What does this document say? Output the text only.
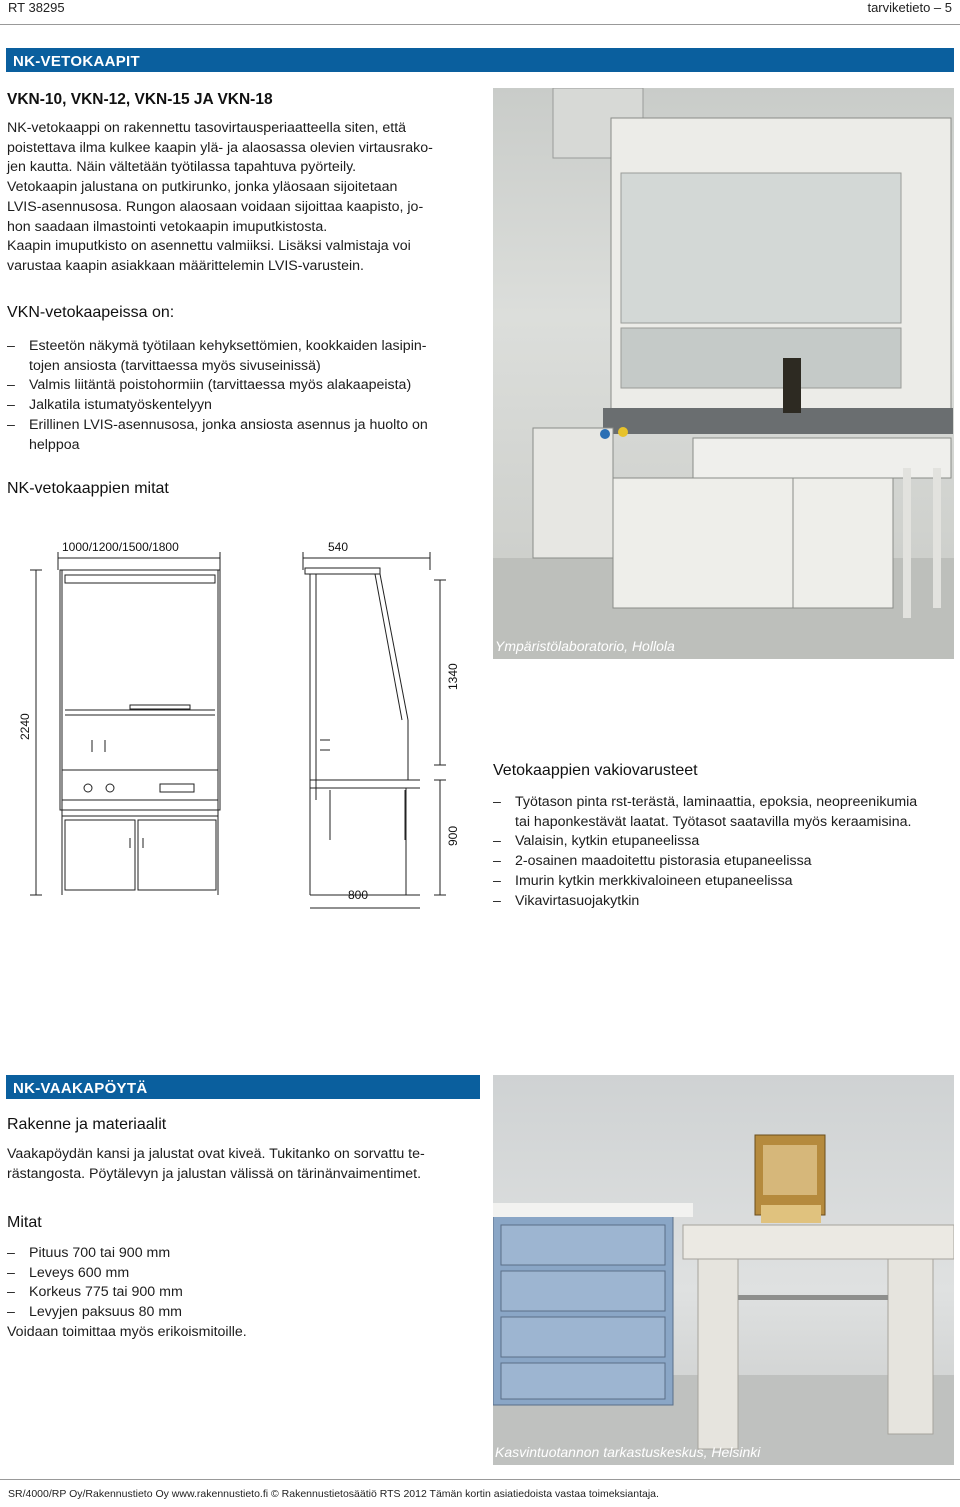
RT 38295	tarviketieto – 5
NK-VETOKAAPIT
VKN-10, VKN-12, VKN-15 JA VKN-18
NK-vetokaappi on rakennettu tasovirtausperiaatteella siten, että
poistettava ilma kulkee kaapin ylä- ja alaosassa olevien virtausrako-
jen kautta. Näin vältetään työtilassa tapahtuva pyörteily.
Vetokaapin jalustana on putkirunko, jonka yläosaan sijoitetaan
LVIS-asennusosa. Rungon alaosaan voidaan sijoittaa kaapisto, jo-
hon saadaan ilmastointi vetokaapin imuputkistosta.
Kaapin imuputkisto on asennettu valmiiksi. Lisäksi valmistaja voi
varustaa kaapin asiakkaan määrittelemin LVIS-varustein.
VKN-vetokaapeissa on:
– Esteetön näkymä työtilaan kehyksettömien, kookkaiden lasipin-
tojen ansiosta (tarvittaessa myös sivuseinissä)
– Valmis liitäntä poistohormiin (tarvittaessa myös alakaapeista)
– Jalkatila istumatyöskentelyyn
– Erillinen LVIS-asennusosa, jonka ansiosta asennus ja huolto on
helppoa
NK-vetokaappien mitat
1000/1200/1500/1800	540
2240
1340
900
800
Ympäristölaboratorio, Hollola
Vetokaappien vakiovarusteet
– Työtason pinta rst-terästä, laminaattia, epoksia, neopreenikumia
tai haponkestävät laatat. Työtasot saatavilla myös keraamisina.
– Valaisin, kytkin etupaneelissa
– 2-osainen maadoitettu pistorasia etupaneelissa
– Imurin kytkin merkkivaloineen etupaneelissa
– Vikavirtasuojakytkin
NK-VAAKAPÖYTÄ
Rakenne ja materiaalit
Vaakapöydän kansi ja jalustat ovat kiveä. Tukitanko on sorvattu te-
rästangosta. Pöytälevyn ja jalustan välissä on tärinänvaimentimet.
Mitat
– Pituus 700 tai 900 mm
– Leveys 600 mm
– Korkeus 775 tai 900 mm
– Levyjen paksuus 80 mm
Voidaan toimittaa myös erikoismitoille.
Kasvintuotannon tarkastuskeskus, Helsinki
SR/4000/RP Oy/Rakennustieto Oy www.rakennustieto.fi © Rakennustietosäätiö RTS 2012 Tämän kortin asiatiedoista vastaa toimeksiantaja.
